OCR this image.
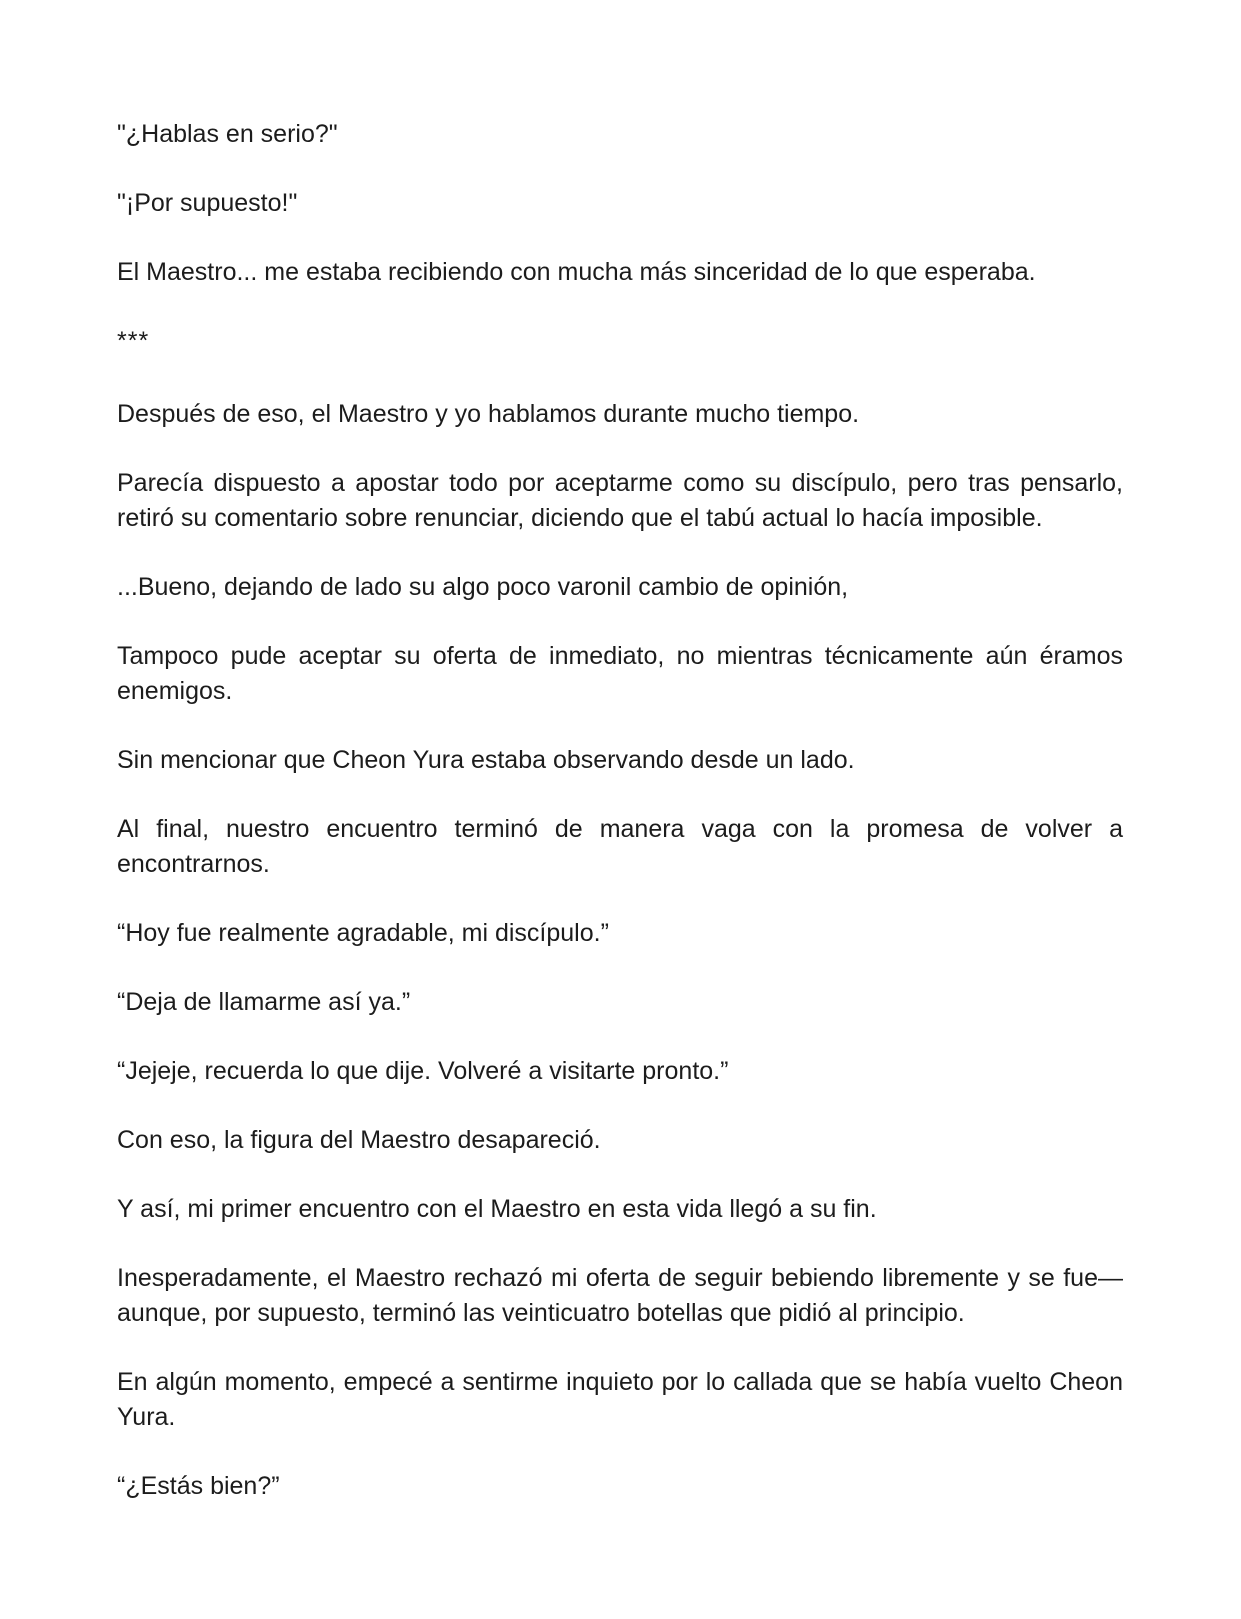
"¿Hablas en serio?"

"¡Por supuesto!"

El Maestro... me estaba recibiendo con mucha más sinceridad de lo que esperaba.

***

Después de eso, el Maestro y yo hablamos durante mucho tiempo.

Parecía dispuesto a apostar todo por aceptarme como su discípulo, pero tras pensarlo, retiró su comentario sobre renunciar, diciendo que el tabú actual lo hacía imposible.

...Bueno, dejando de lado su algo poco varonil cambio de opinión,

Tampoco pude aceptar su oferta de inmediato, no mientras técnicamente aún éramos enemigos.

Sin mencionar que Cheon Yura estaba observando desde un lado.

Al final, nuestro encuentro terminó de manera vaga con la promesa de volver a encontrarnos.

“Hoy fue realmente agradable, mi discípulo.”

“Deja de llamarme así ya.”

“Jejeje, recuerda lo que dije. Volveré a visitarte pronto.”

Con eso, la figura del Maestro desapareció.

Y así, mi primer encuentro con el Maestro en esta vida llegó a su fin.

Inesperadamente, el Maestro rechazó mi oferta de seguir bebiendo libremente y se fue—aunque, por supuesto, terminó las veinticuatro botellas que pidió al principio.

En algún momento, empecé a sentirme inquieto por lo callada que se había vuelto Cheon Yura.

“¿Estás bien?”
